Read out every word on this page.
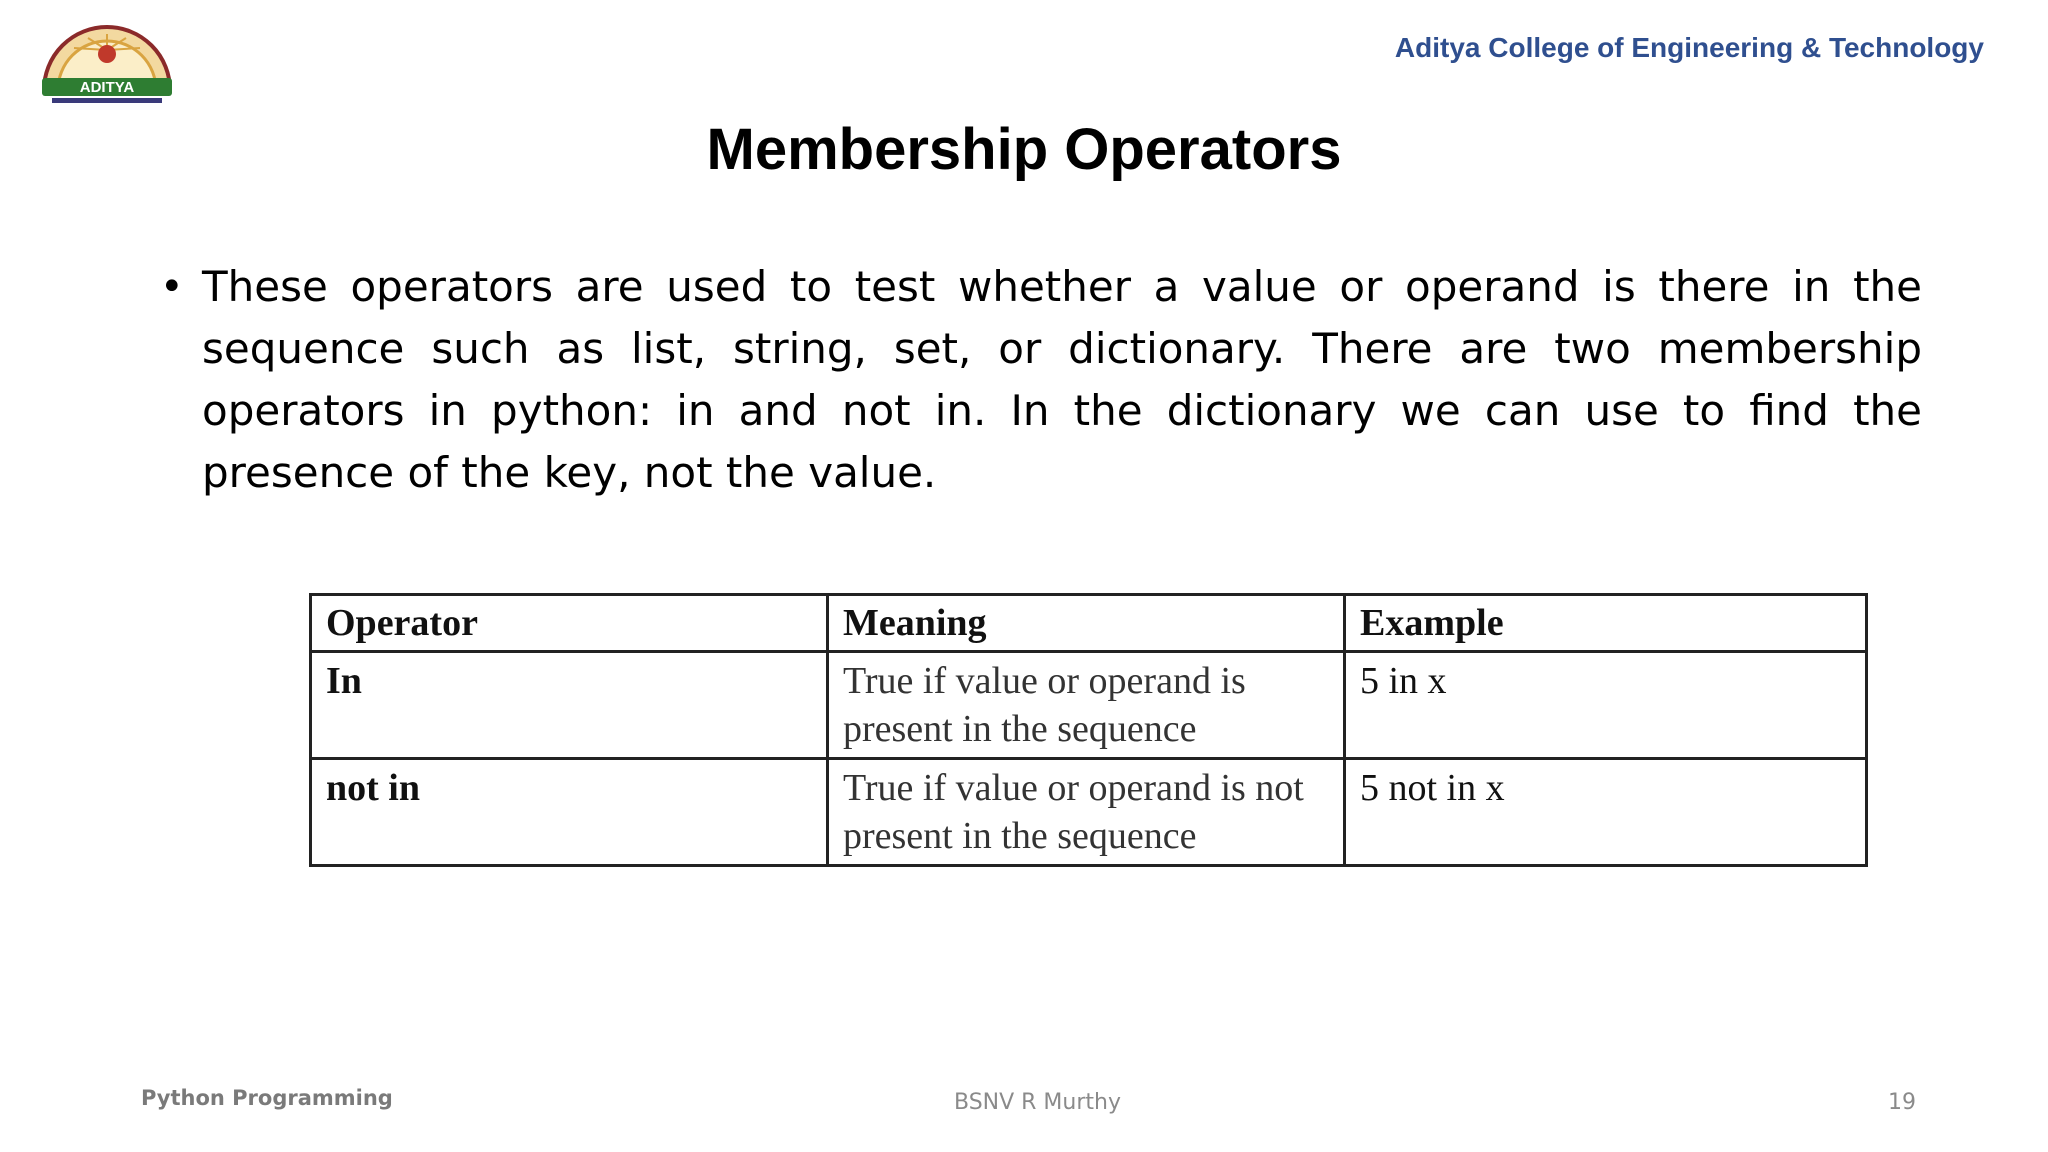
ADITYA
Aditya College of Engineering & Technology
Membership Operators
• These operators are used to test whether a value or operand is there in the sequence such as list, string, set, or dictionary. There are two membership operators in python: in and not in. In the dictionary we can use to find the presence of the key, not the value.
Operator	Meaning	Example
In	True if value or operand is present in the sequence	5 in x
not in	True if value or operand is not present in the sequence	5 not in x
Python Programming	BSNV R Murthy	19
